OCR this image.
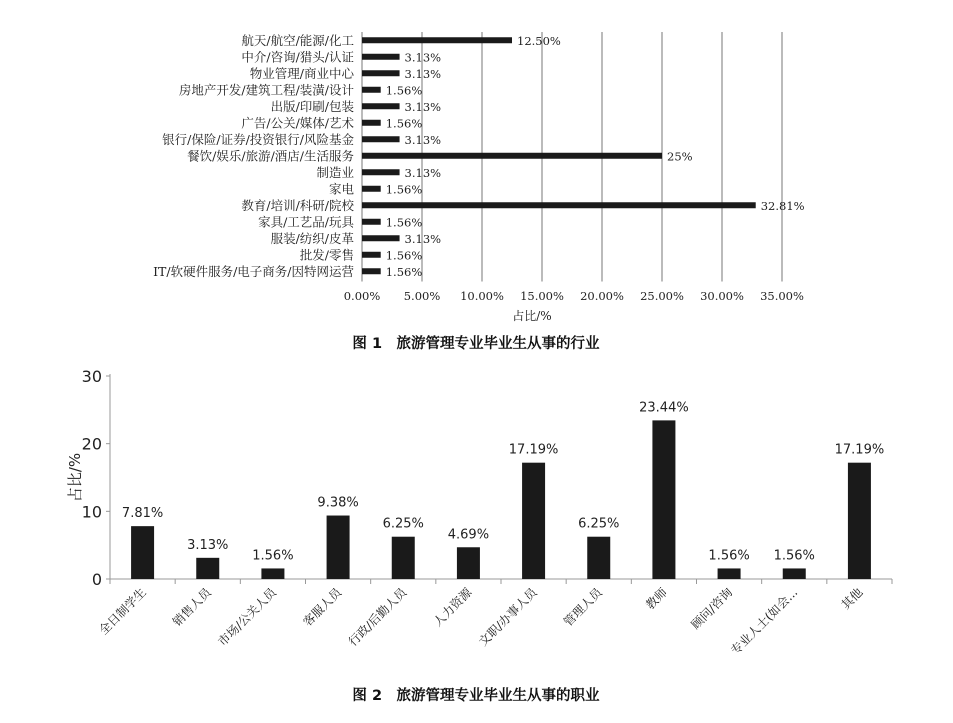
航天/航空/能源/化工	12.50%
中介/咨询/猎头/认证	3.13%
物业管理/商业中心	3.13%
房地产开发/建筑工程/装潢/设计	1.56%
出版/印刷/包装	3.13%
广告/公关/媒体/艺术	1.56%
银行/保险/证券/投资银行/风险基金	3.13%
餐饮/娱乐/旅游/酒店/生活服务	25%
制造业	3.13%
家电	1.56%
教育/培训/科研/院校	32.81%
家具/工艺品/玩具	1.56%
服装/纺织/皮革	3.13%
批发/零售	1.56%
IT/软硬件服务/电子商务/因特网运营	1.56%
0.00% 5.00% 10.00% 15.00% 20.00% 25.00% 30.00% 35.00%
占比/%
图 1　旅游管理专业毕业生从事的行业
0
10
20
30
占比/%
7.81%
全日制学生
3.13%
销售人员
1.56%
市场/公关人员
9.38%
客服人员
6.25%
行政/后勤人员
4.69%
人力资源
17.19%
文职/办事人员
6.25%
管理人员
23.44%
教师
1.56%
顾问/咨询
1.56%
专业人士(如会...
17.19%
其他
图 2　旅游管理专业毕业生从事的职业
